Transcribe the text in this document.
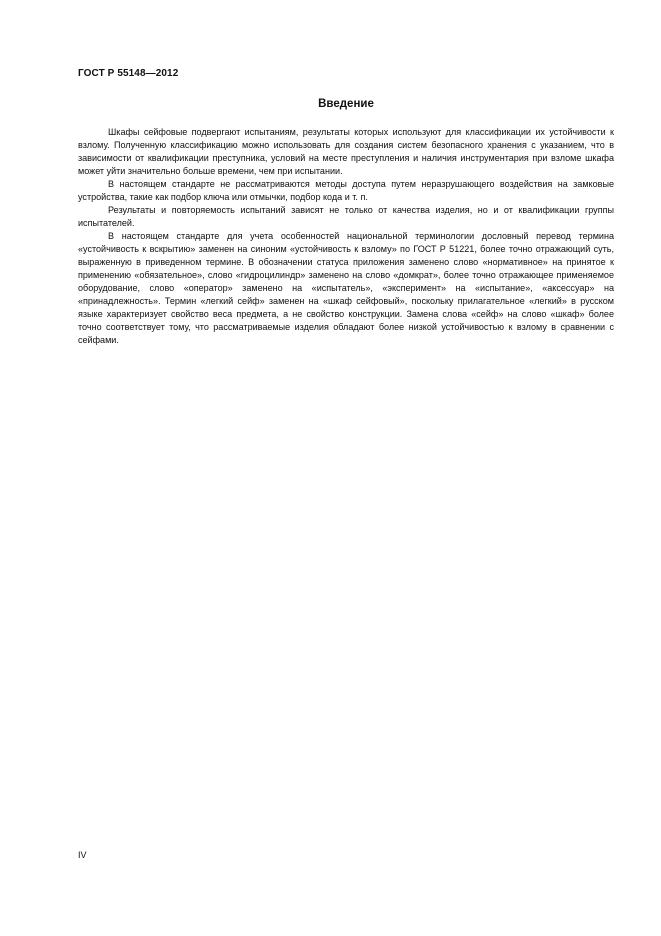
ГОСТ Р 55148—2012
Введение

Шкафы сейфовые подвергают испытаниям, результаты которых используют для классификации их устойчивости к взлому. Полученную классификацию можно использовать для создания систем безопасного хранения с указанием, что в зависимости от квалификации преступника, условий на месте преступления и наличия инструментария при взломе шкафа может уйти значительно больше времени, чем при испытании.

В настоящем стандарте не рассматриваются методы доступа путем неразрушающего воздействия на замковые устройства, такие как подбор ключа или отмычки, подбор кода и т. п.

Результаты и повторяемость испытаний зависят не только от качества изделия, но и от квалификации группы испытателей.

В настоящем стандарте для учета особенностей национальной терминологии дословный перевод термина «устойчивость к вскрытию» заменен на синоним «устойчивость к взлому» по ГОСТ Р 51221, более точно отражающий суть, выраженную в приведенном термине. В обозначении статуса приложения заменено слово «нормативное» на принятое к применению «обязательное», слово «гидроцилиндр» заменено на слово «домкрат», более точно отражающее применяемое оборудование, слово «оператор» заменено на «испытатель», «эксперимент» на «испытание», «аксессуар» на «принадлежность». Термин «легкий сейф» заменен на «шкаф сейфовый», поскольку прилагательное «легкий» в русском языке характеризует свойство веса предмета, а не свойство конструкции. Замена слова «сейф» на слово «шкаф» более точно соответствует тому, что рассматриваемые изделия обладают более низкой устойчивостью к взлому в сравнении с сейфами.

IV
